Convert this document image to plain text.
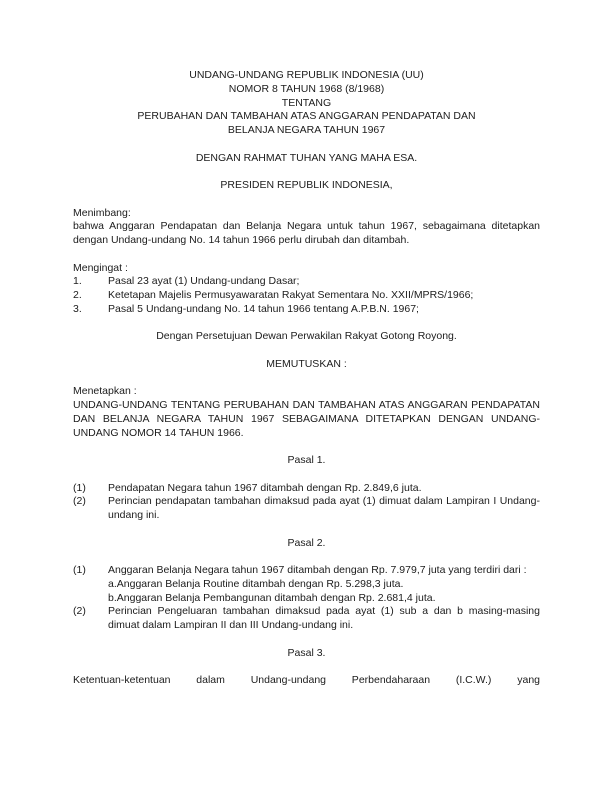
UNDANG-UNDANG REPUBLIK INDONESIA (UU)
NOMOR 8 TAHUN 1968 (8/1968)
TENTANG
PERUBAHAN DAN TAMBAHAN ATAS ANGGARAN PENDAPATAN DAN
BELANJA NEGARA TAHUN 1967
DENGAN RAHMAT TUHAN YANG MAHA ESA.
PRESIDEN REPUBLIK INDONESIA,
Menimbang:
bahwa Anggaran Pendapatan dan Belanja Negara untuk tahun 1967, sebagaimana ditetapkan dengan Undang-undang No. 14 tahun 1966 perlu dirubah dan ditambah.
Mengingat :
1.	Pasal 23 ayat (1) Undang-undang Dasar;
2.	Ketetapan Majelis Permusyawaratan Rakyat Sementara No. XXII/MPRS/1966;
3.	Pasal 5 Undang-undang No. 14 tahun 1966 tentang A.P.B.N. 1967;
Dengan Persetujuan Dewan Perwakilan Rakyat Gotong Royong.
MEMUTUSKAN :
Menetapkan :
UNDANG-UNDANG TENTANG PERUBAHAN DAN TAMBAHAN ATAS ANGGARAN PENDAPATAN DAN BELANJA NEGARA TAHUN 1967 SEBAGAIMANA DITETAPKAN DENGAN UNDANG-UNDANG NOMOR 14 TAHUN 1966.
Pasal 1.
(1)	Pendapatan Negara tahun 1967 ditambah dengan Rp. 2.849,6 juta.
(2)	Perincian pendapatan tambahan dimaksud pada ayat (1) dimuat dalam Lampiran I Undang-undang ini.
Pasal 2.
(1)	Anggaran Belanja Negara tahun 1967 ditambah dengan Rp. 7.979,7 juta yang terdiri dari :
a.Anggaran Belanja Routine ditambah dengan Rp. 5.298,3 juta.
b.Anggaran Belanja Pembangunan ditambah dengan Rp. 2.681,4 juta.
(2)	Perincian Pengeluaran tambahan dimaksud pada ayat (1) sub a dan b masing-masing dimuat dalam Lampiran II dan III Undang-undang ini.
Pasal 3.
Ketentuan-ketentuan dalam Undang-undang Perbendaharaan (I.C.W.) yang
